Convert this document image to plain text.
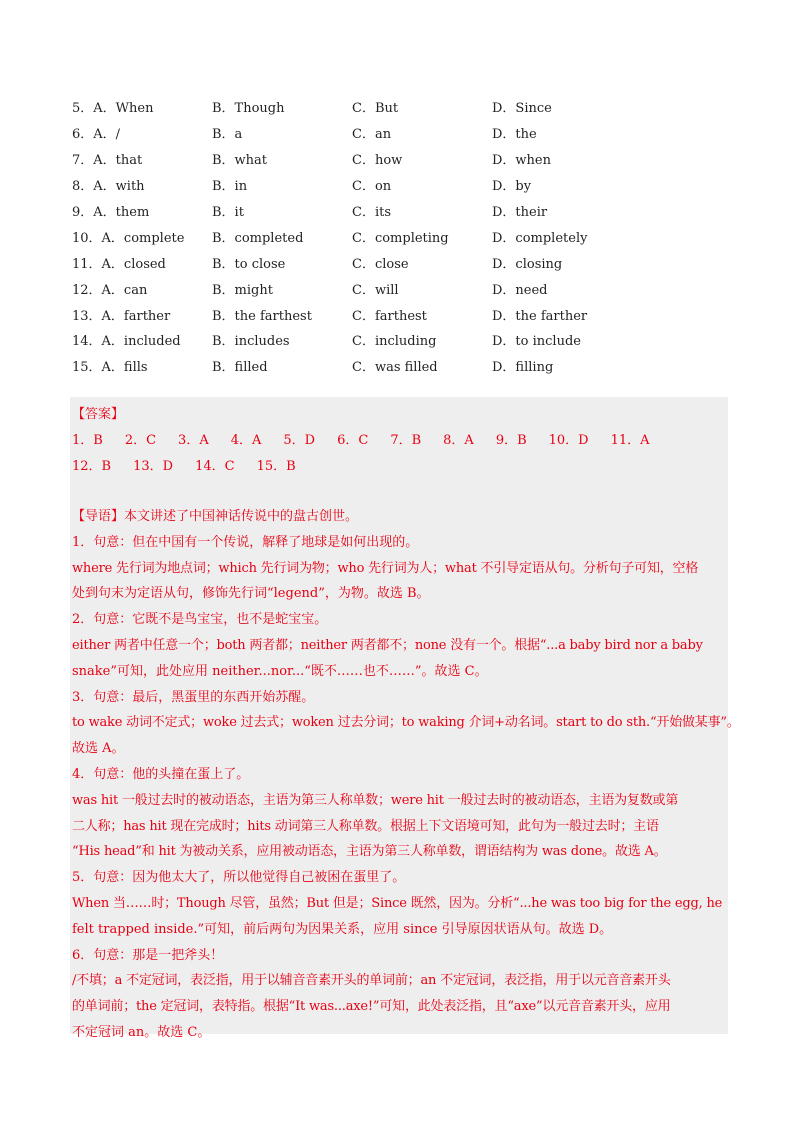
5．A．When	B．Though	C．But	D．Since
6．A．/	B．a	C．an	D．the
7．A．that	B．what	C．how	D．when
8．A．with	B．in	C．on	D．by
9．A．them	B．it	C．its	D．their
10．A．complete	B．completed	C．completing	D．completely
11．A．closed	B．to close	C．close	D．closing
12．A．can	B．might	C．will	D．need
13．A．farther	B．the farthest	C．farthest	D．the farther
14．A．included	B．includes	C．including	D．to include
15．A．fills	B．filled	C．was filled	D．filling
【答案】
1．B 2．C 3．A 4．A 5．D 6．C 7．B 8．A 9．B 10．D 11．A
12．B 13．D 14．C 15．B
【导语】本文讲述了中国神话传说中的盘古创世。
1．句意：但在中国有一个传说，解释了地球是如何出现的。
where 先行词为地点词；which 先行词为物；who 先行词为人；what 不引导定语从句。分析句子可知，空格
处到句末为定语从句，修饰先行词“legend”，为物。故选 B。
2．句意：它既不是鸟宝宝，也不是蛇宝宝。
either 两者中任意一个；both 两者都；neither 两者都不；none 没有一个。根据“...a baby bird nor a baby
snake”可知，此处应用 neither...nor...“既不……也不……”。故选 C。
3．句意：最后，黑蛋里的东西开始苏醒。
to wake 动词不定式；woke 过去式；woken 过去分词；to waking 介词+动名词。start to do sth.“开始做某事”。
故选 A。
4．句意：他的头撞在蛋上了。
was hit 一般过去时的被动语态，主语为第三人称单数；were hit 一般过去时的被动语态，主语为复数或第
二人称；has hit 现在完成时；hits 动词第三人称单数。根据上下文语境可知，此句为一般过去时；主语
“His head”和 hit 为被动关系，应用被动语态，主语为第三人称单数，谓语结构为 was done。故选 A。
5．句意：因为他太大了，所以他觉得自己被困在蛋里了。
When 当……时；Though 尽管，虽然；But 但是；Since 既然，因为。分析“...he was too big for the egg, he
felt trapped inside.”可知，前后两句为因果关系，应用 since 引导原因状语从句。故选 D。
6．句意：那是一把斧头！
/不填；a 不定冠词，表泛指，用于以辅音音素开头的单词前；an 不定冠词，表泛指，用于以元音音素开头
的单词前；the 定冠词，表特指。根据“It was...axe!”可知，此处表泛指，且“axe”以元音音素开头，应用
不定冠词 an。故选 C。
